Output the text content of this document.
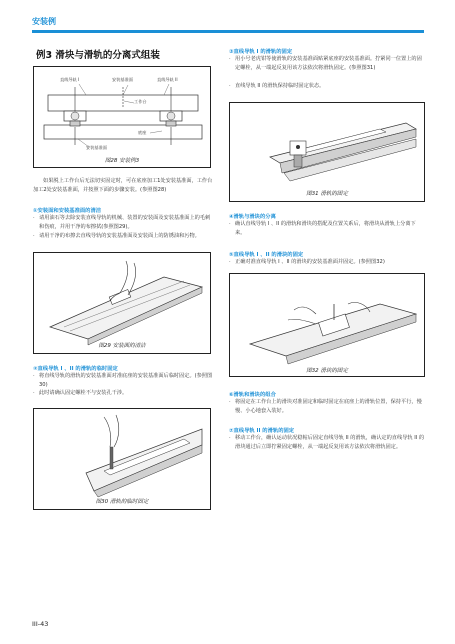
安装例
例3 滑块与滑轨的分离式组装
直线导轨 I	安装基准面	直线导轨 II
工作台
底座
安装基准面
图28 安装例3
如果脱上工作台后无法切实固定时，可在底座加工1处安装基准面，工作台加工2处安装基准面，并按照下面的步骤安装。(参照图28)
①安装面和安装基准面的清洁
· 请用油石等去除安装直线导轨的机械、装置的安装面及安装基准面上的毛刺和伤痕，并用干净的布擦拭(参照图29)。
· 请用干净的布擦去直线导轨的安装基准面及安装面上的防锈油和污物。
图29 安装面的清洁
②直线导轨 I 、II 的滑轨的临时固定
· 将直线导轨的滑轨的安装基准面对准底座的安装基准面后临时固定。(参照图30)
· 此时请确认固定螺栓不与安装孔干涉。
图30 滑轨的临时固定
③直线导轨 I 的滑轨的固定
· 用小号老虎钳等使滑轨的安装基准面贴紧底座的安装基准面。拧紧同一位置上的固定螺栓，从一端起反复用该方法依次将滑轨固定。(参照图31)
· 直线导轨 II 的滑轨保持临时固定状态。
图31 滑轨的固定
④滑轨与滑块的分离
· 确认直线导轨 I 、II 的滑轨和滑块的搭配及位置关系后，将滑块从滑轨上分离下来。
⑤直线导轨 I 、II 的滑块的固定
· 正确对准直线导轨 I 、II 的滑块的安装基准面并固定。(参照图32)
图32 滑块的固定
⑥滑轨和滑块的组合
· 将固定在工作台上的滑块对准固定和临时固定在底座上的滑轨位置，保持平行，慢慢、小心地套入装好。
⑦直线导轨 II 的滑轨的固定
· 移动工作台，确认运动状况稳帖后固定直线导轨 II 的滑轨，确认定的直线导轨 II 的滑块通过后立即拧紧固定螺栓，从一端起反复用该方法依次将滑轨固定。
III-43
